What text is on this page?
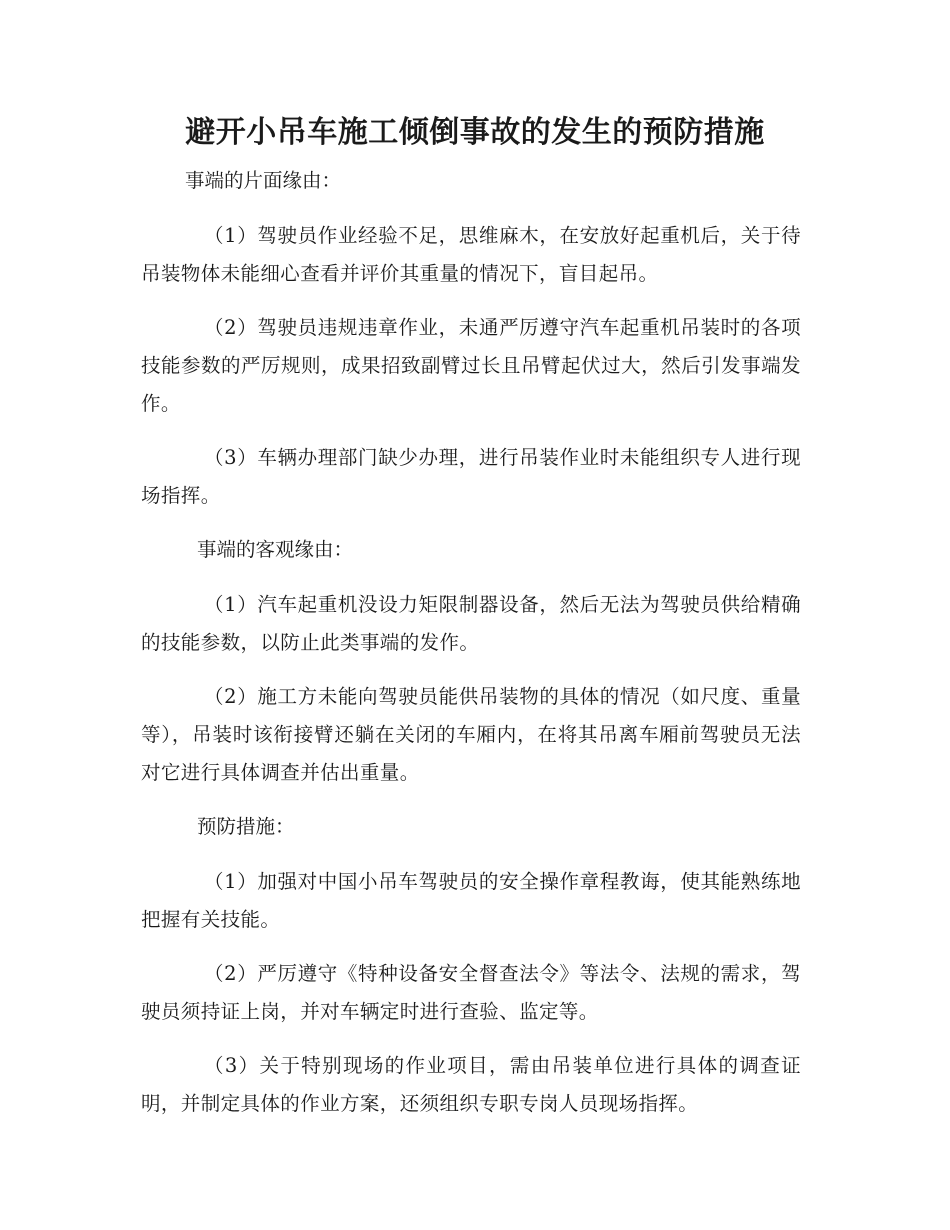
避开小吊车施工倾倒事故的发生的预防措施

事端的片面缘由：

（1）驾驶员作业经验不足，思维麻木，在安放好起重机后，关于待吊装物体未能细心查看并评价其重量的情况下，盲目起吊。

（2）驾驶员违规违章作业，未通严厉遵守汽车起重机吊装时的各项技能参数的严厉规则，成果招致副臂过长且吊臂起伏过大，然后引发事端发作。

（3）车辆办理部门缺少办理，进行吊装作业时未能组织专人进行现场指挥。

事端的客观缘由：

（1）汽车起重机没设力矩限制器设备，然后无法为驾驶员供给精确的技能参数，以防止此类事端的发作。

（2）施工方未能向驾驶员能供吊装物的具体的情况（如尺度、重量等），吊装时该衔接臂还躺在关闭的车厢内，在将其吊离车厢前驾驶员无法对它进行具体调查并估出重量。

预防措施：

（1）加强对中国小吊车驾驶员的安全操作章程教诲，使其能熟练地把握有关技能。

（2）严厉遵守《特种设备安全督查法令》等法令、法规的需求，驾驶员须持证上岗，并对车辆定时进行查验、监定等。

（3）关于特别现场的作业项目，需由吊装单位进行具体的调查证明，并制定具体的作业方案，还须组织专职专岗人员现场指挥。
